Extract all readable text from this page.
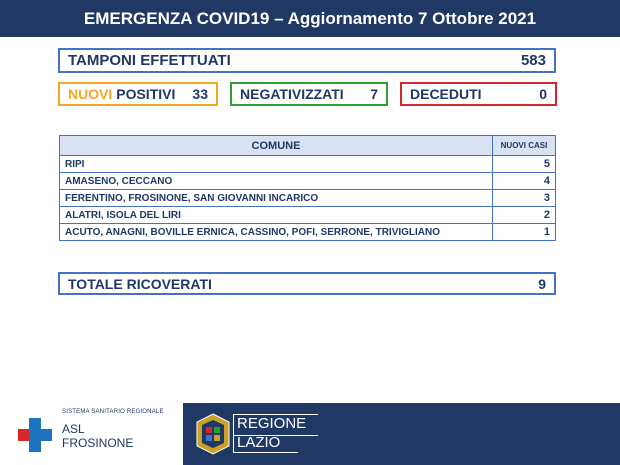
EMERGENZA COVID19 – Aggiornamento 7 Ottobre 2021
TAMPONI EFFETTUATI	583
NUOVI POSITIVI 33 NEGATIVIZZATI 7 DECEDUTI	0
COMUNE	NUOVI CASI
RIPI	5
AMASENO, CECCANO	4
FERENTINO, FROSINONE, SAN GIOVANNI INCARICO	3
ALATRI, ISOLA DEL LIRI	2
ACUTO, ANAGNI, BOVILLE ERNICA, CASSINO, POFI, SERRONE, TRIVIGLIANO	1
TOTALE RICOVERATI	9
SISTEMA SANITARIO REGIONALE
ASL
FROSINONE
REGIONE
LAZIO
